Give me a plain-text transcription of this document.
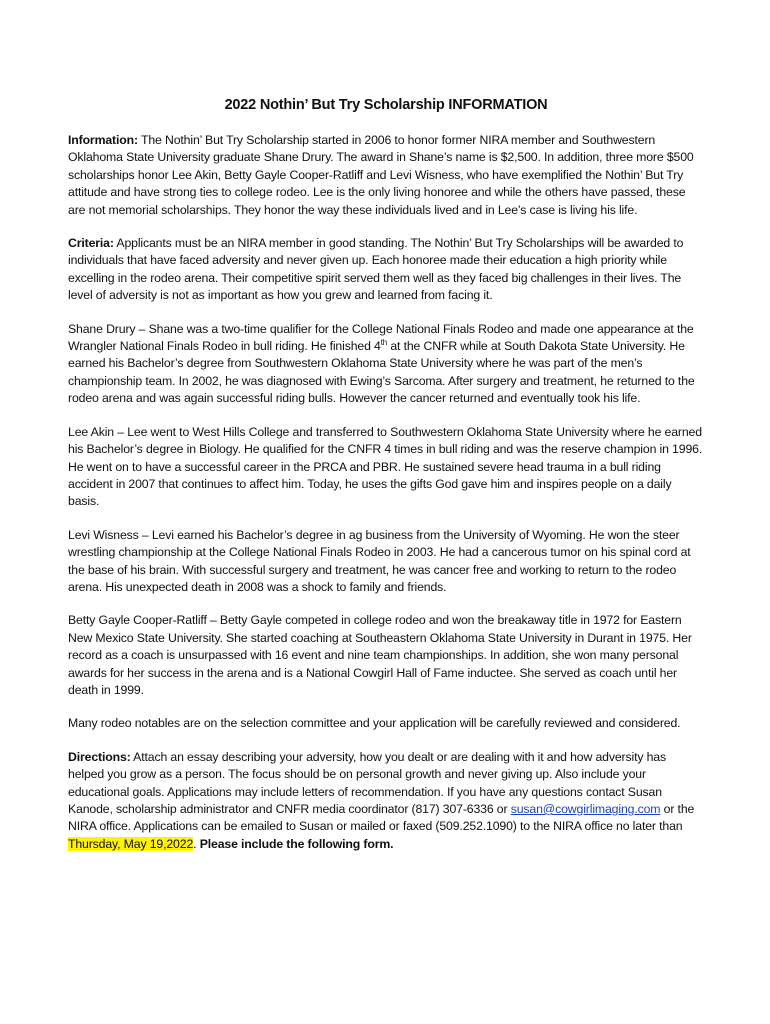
2022 Nothin’ But Try Scholarship INFORMATION

Information: The Nothin’ But Try Scholarship started in 2006 to honor former NIRA member and Southwestern Oklahoma State University graduate Shane Drury. The award in Shane’s name is $2,500. In addition, three more $500 scholarships honor Lee Akin, Betty Gayle Cooper-Ratliff and Levi Wisness, who have exemplified the Nothin’ But Try attitude and have strong ties to college rodeo. Lee is the only living honoree and while the others have passed, these are not memorial scholarships. They honor the way these individuals lived and in Lee’s case is living his life.

Criteria: Applicants must be an NIRA member in good standing. The Nothin’ But Try Scholarships will be awarded to individuals that have faced adversity and never given up. Each honoree made their education a high priority while excelling in the rodeo arena. Their competitive spirit served them well as they faced big challenges in their lives. The level of adversity is not as important as how you grew and learned from facing it.

Shane Drury – Shane was a two-time qualifier for the College National Finals Rodeo and made one appearance at the Wrangler National Finals Rodeo in bull riding. He finished 4th at the CNFR while at South Dakota State University. He earned his Bachelor’s degree from Southwestern Oklahoma State University where he was part of the men’s championship team. In 2002, he was diagnosed with Ewing’s Sarcoma. After surgery and treatment, he returned to the rodeo arena and was again successful riding bulls. However the cancer returned and eventually took his life.

Lee Akin – Lee went to West Hills College and transferred to Southwestern Oklahoma State University where he earned his Bachelor’s degree in Biology. He qualified for the CNFR 4 times in bull riding and was the reserve champion in 1996. He went on to have a successful career in the PRCA and PBR. He sustained severe head trauma in a bull riding accident in 2007 that continues to affect him. Today, he uses the gifts God gave him and inspires people on a daily basis.

Levi Wisness – Levi earned his Bachelor’s degree in ag business from the University of Wyoming. He won the steer wrestling championship at the College National Finals Rodeo in 2003. He had a cancerous tumor on his spinal cord at the base of his brain. With successful surgery and treatment, he was cancer free and working to return to the rodeo arena. His unexpected death in 2008 was a shock to family and friends.

Betty Gayle Cooper-Ratliff – Betty Gayle competed in college rodeo and won the breakaway title in 1972 for Eastern New Mexico State University. She started coaching at Southeastern Oklahoma State University in Durant in 1975. Her record as a coach is unsurpassed with 16 event and nine team championships. In addition, she won many personal awards for her success in the arena and is a National Cowgirl Hall of Fame inductee. She served as coach until her death in 1999.

Many rodeo notables are on the selection committee and your application will be carefully reviewed and considered.

Directions: Attach an essay describing your adversity, how you dealt or are dealing with it and how adversity has helped you grow as a person. The focus should be on personal growth and never giving up. Also include your educational goals. Applications may include letters of recommendation. If you have any questions contact Susan Kanode, scholarship administrator and CNFR media coordinator (817) 307-6336 or susan@cowgirlimaging.com or the NIRA office. Applications can be emailed to Susan or mailed or faxed (509.252.1090) to the NIRA office no later than Thursday, May 19,2022. Please include the following form.
